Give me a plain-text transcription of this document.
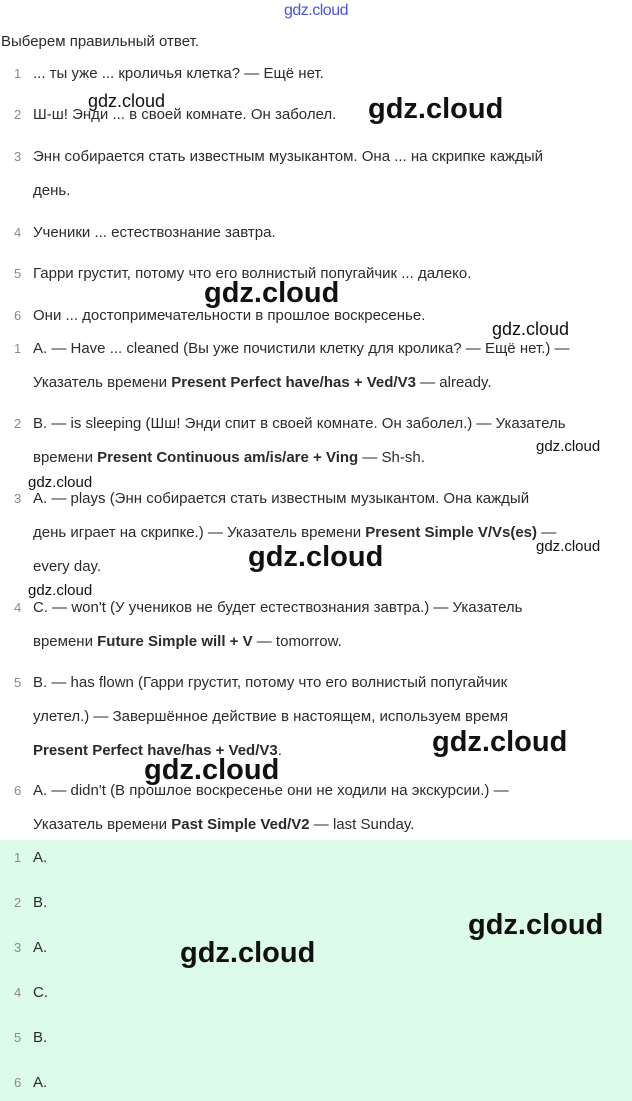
gdz.cloud
Выберем правильный ответ.
1 ... ты уже ... кроличья клетка? — Ещё нет.
2 Ш-ш! Энди ... в своей комнате. Он заболел.
3 Энн собирается стать известным музыкантом. Она ... на скрипке каждый
день.
4 Ученики ... естествознание завтра.
5 Гарри грустит, потому что его волнистый попугайчик ... далеко.
6 Они ... достопримечательности в прошлое воскресенье.
1 A. — Have ... cleaned (Вы уже почистили клетку для кролика? — Ещё нет.) —
Указатель времени Present Perfect have/has + Ved/V3 — already.
2 B. — is sleeping (Шш! Энди спит в своей комнате. Он заболел.) — Указатель
времени Present Continuous am/is/are + Ving — Sh-sh.
3 A. — plays (Энн собирается стать известным музыкантом. Она каждый
день играет на скрипке.) — Указатель времени Present Simple V/Vs(es) —
every day.
4 C. — won't (У учеников не будет естествознания завтра.) — Указатель
времени Future Simple will + V — tomorrow.
5 B. — has flown (Гарри грустит, потому что его волнистый попугайчик
улетел.) — Завершённое действие в настоящем, используем время
Present Perfect have/has + Ved/V3.
6 A. — didn't (В прошлое воскресенье они не ходили на экскурсии.) —
Указатель времени Past Simple Ved/V2 — last Sunday.
1 A.
2 B.
3 A.
4 C.
5 B.
6 A.
gdz.cloud	gdz.cloud
gdz.cloud
gdz.cloud
gdz.cloud
gdz.cloud
gdz.cloud
gdz.cloud
gdz.cloud
gdz.cloud
gdz.cloud
gdz.cloud
gdz.cloud
